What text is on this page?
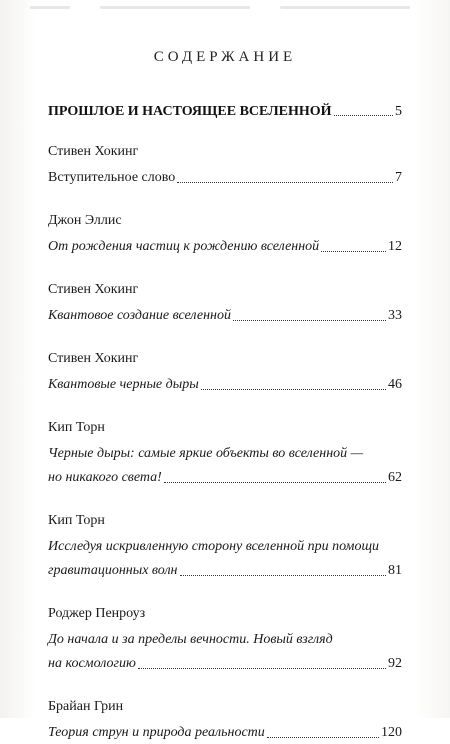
СОДЕРЖАНИЕ
ПРОШЛОЕ И НАСТОЯЩЕЕ ВСЕЛЕННОЙ	5
Стивен Хокинг
Вступительное слово	7
Джон Эллис
От рождения частиц к рождению вселенной	12
Стивен Хокинг
Квантовое создание вселенной	33
Стивен Хокинг
Квантовые черные дыры	46
Кип Торн
Черные дыры: самые яркие объекты во вселенной —
но никакого света!	62
Кип Торн
Исследуя искривленную сторону вселенной при помощи
гравитационных волн	81
Роджер Пенроуз
До начала и за пределы вечности. Новый взгляд
на космологию	92
Брайан Грин
Теория струн и природа реальности	120
